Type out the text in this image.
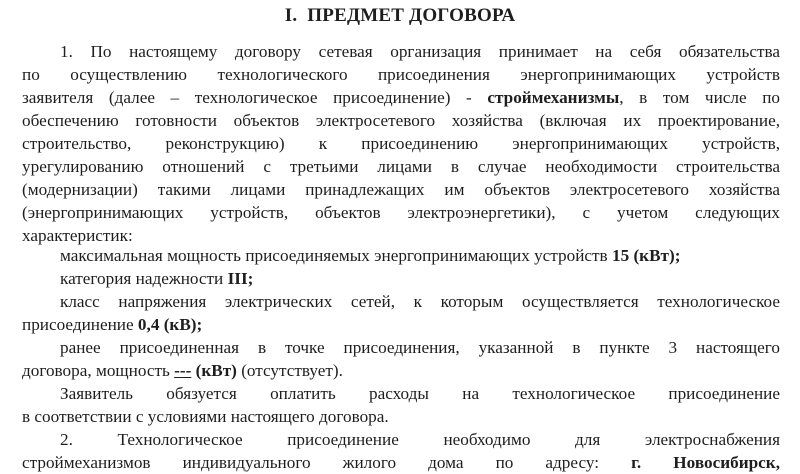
I. ПРЕДМЕТ ДОГОВОРА
1. По настоящему договору сетевая организация принимает на себя обязательства
по осуществлению технологического присоединения энергопринимающих устройств
заявителя (далее – технологическое присоединение) - строймеханизмы, в том числе по
обеспечению готовности объектов электросетевого хозяйства (включая их проектирование,
строительство, реконструкцию) к присоединению энергопринимающих устройств,
урегулированию отношений с третьими лицами в случае необходимости строительства
(модернизации) такими лицами принадлежащих им объектов электросетевого хозяйства
(энергопринимающих устройств, объектов электроэнергетики), с учетом следующих
характеристик:
максимальная мощность присоединяемых энергопринимающих устройств 15 (кВт);
категория надежности III;
класс напряжения электрических сетей, к которым осуществляется технологическое
присоединение 0,4 (кВ);
ранее присоединенная в точке присоединения, указанной в пункте 3 настоящего
договора, мощность --- (кВт) (отсутствует).
Заявитель обязуется оплатить расходы на технологическое присоединение
в соответствии с условиями настоящего договора.
2. Технологическое присоединение необходимо для электроснабжения
строймеханизмов индивидуального жилого дома по адресу: г. Новосибирск,
